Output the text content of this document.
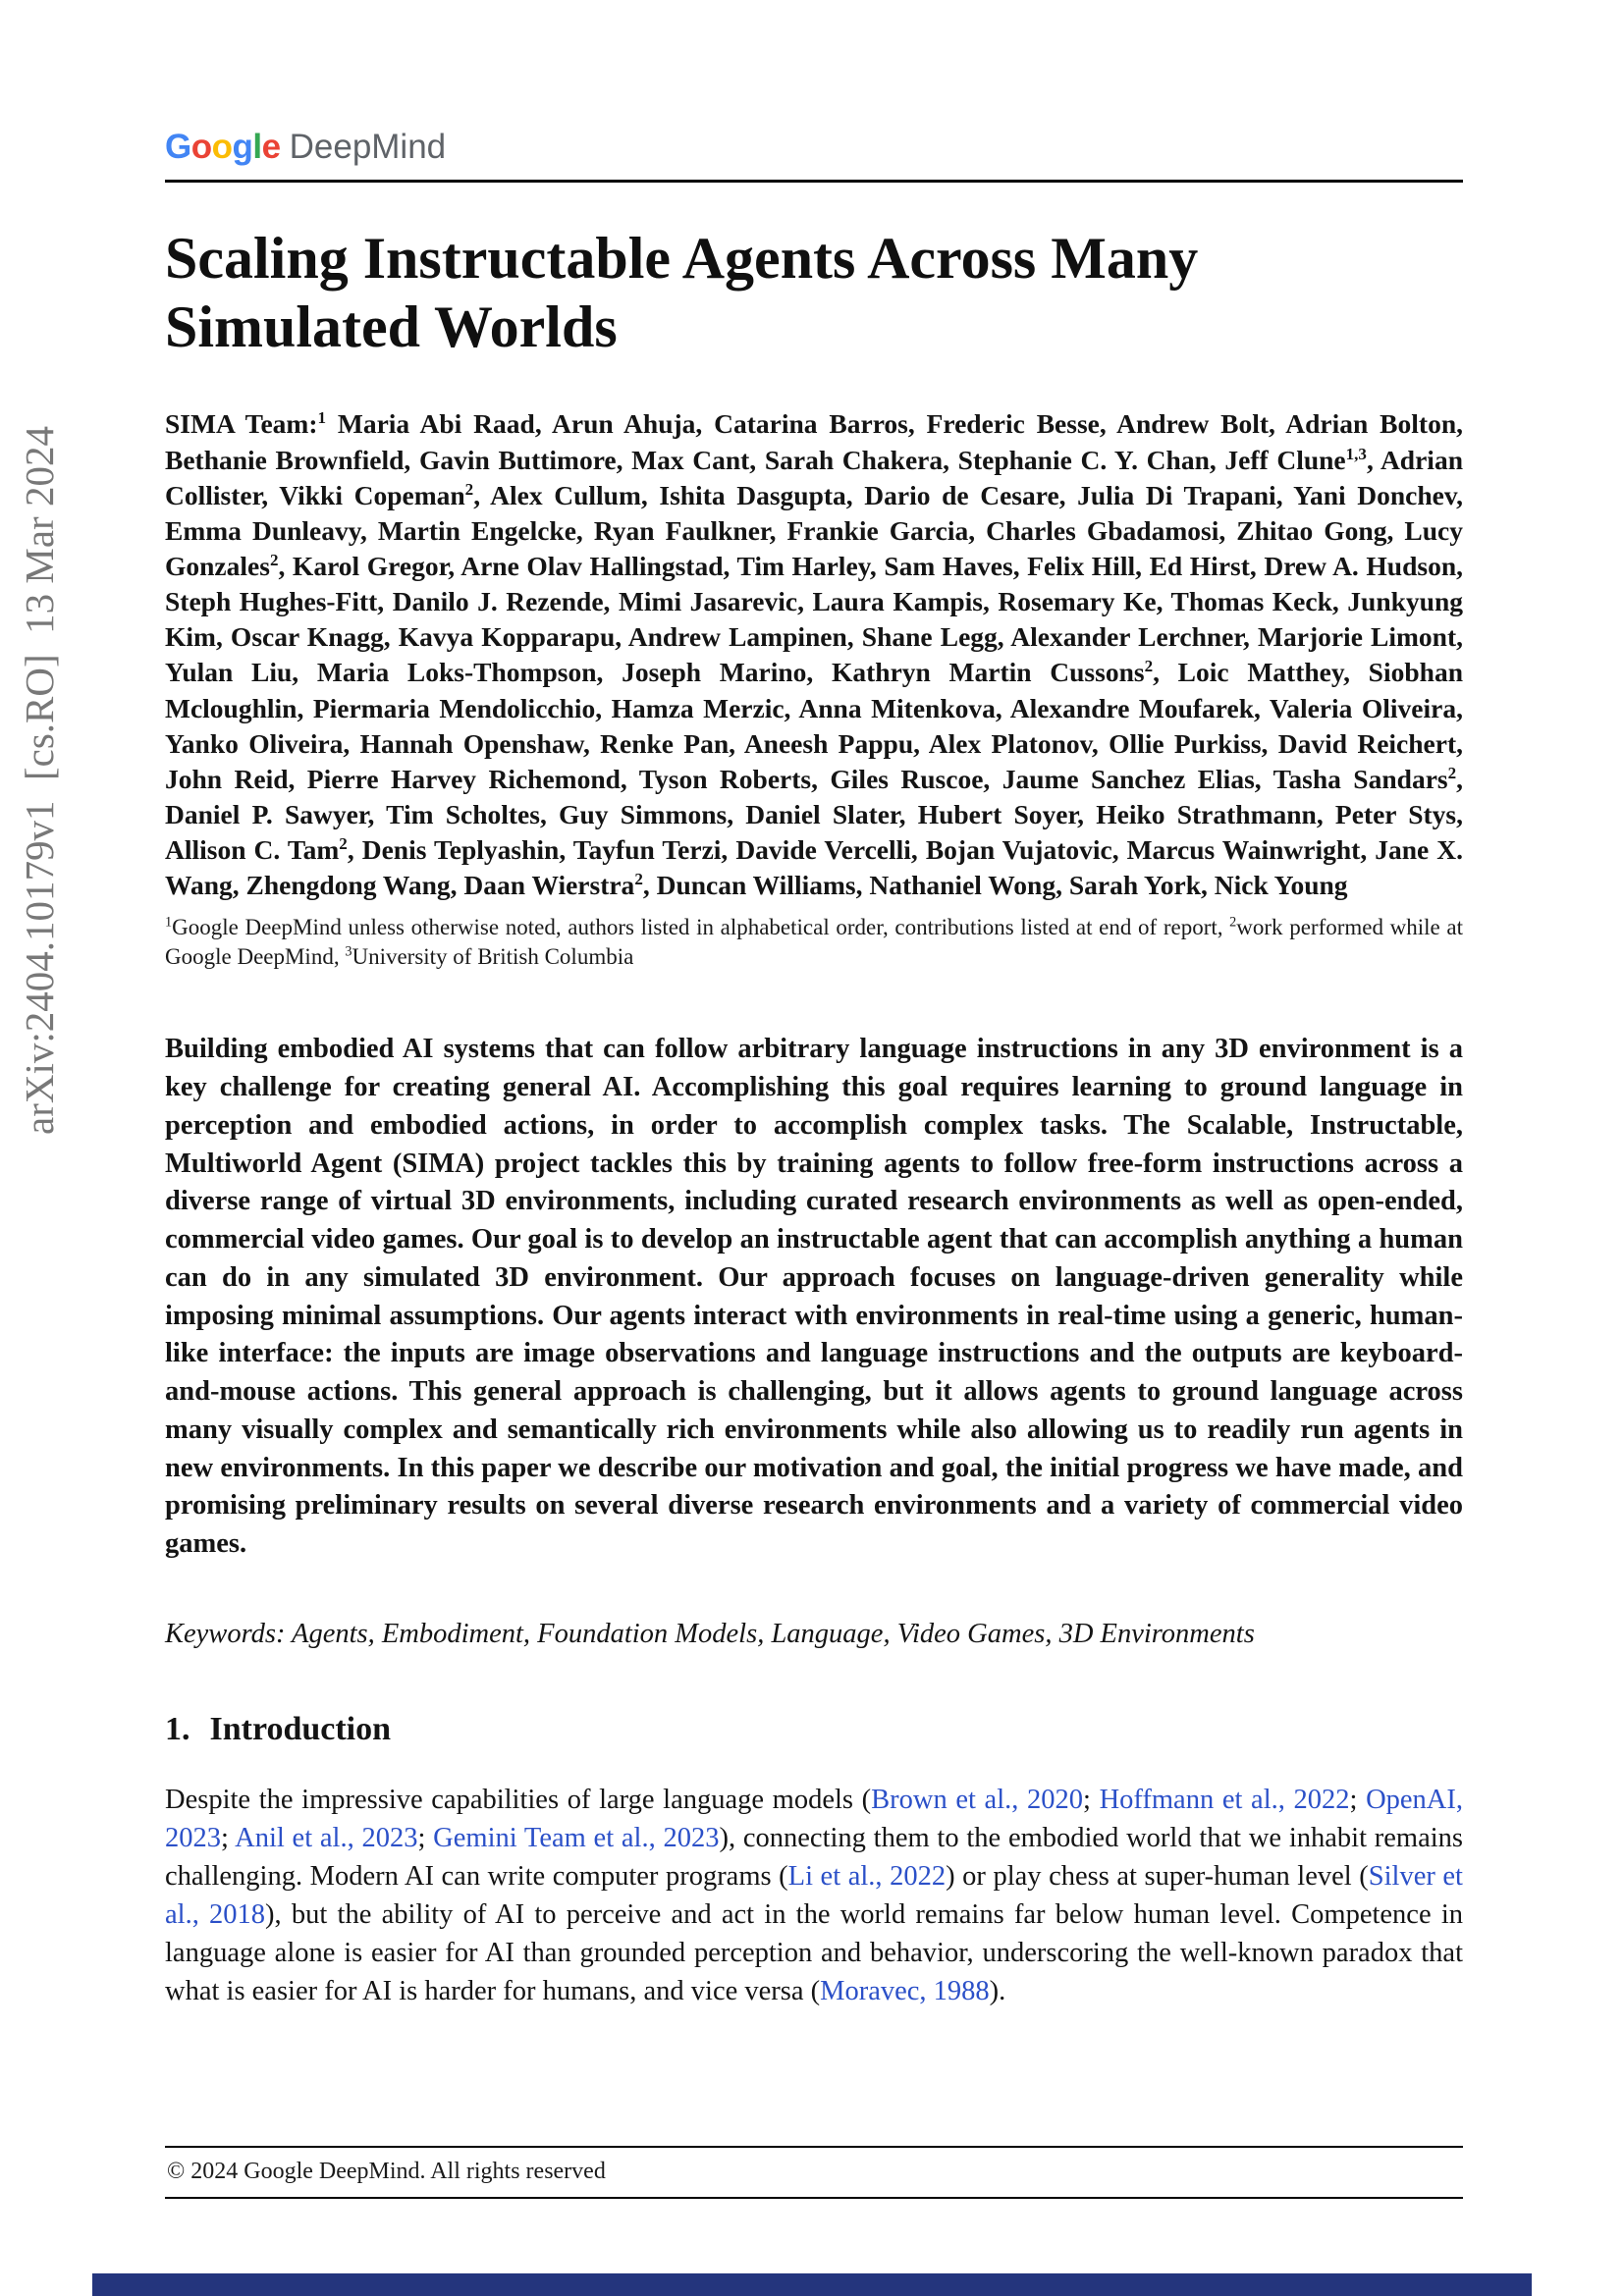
arXiv:2404.10179v1  [cs.RO]  13 Mar 2024
Google DeepMind
Scaling Instructable Agents Across Many Simulated Worlds

SIMA Team:$^1$ Maria Abi Raad, Arun Ahuja, Catarina Barros, Frederic Besse, Andrew Bolt, Adrian Bolton, Bethanie Brownfield, Gavin Buttimore, Max Cant, Sarah Chakera, Stephanie C. Y. Chan, Jeff Clune$^{1,3}$, Adrian Collister, Vikki Copeman$^2$, Alex Cullum, Ishita Dasgupta, Dario de Cesare, Julia Di Trapani, Yani Donchev, Emma Dunleavy, Martin Engelcke, Ryan Faulkner, Frankie Garcia, Charles Gbadamosi, Zhitao Gong, Lucy Gonzales$^2$, Karol Gregor, Arne Olav Hallingstad, Tim Harley, Sam Haves, Felix Hill, Ed Hirst, Drew A. Hudson, Steph Hughes-Fitt, Danilo J. Rezende, Mimi Jasarevic, Laura Kampis, Rosemary Ke, Thomas Keck, Junkyung Kim, Oscar Knagg, Kavya Kopparapu, Andrew Lampinen, Shane Legg, Alexander Lerchner, Marjorie Limont, Yulan Liu, Maria Loks-Thompson, Joseph Marino, Kathryn Martin Cussons$^2$, Loic Matthey, Siobhan Mcloughlin, Piermaria Mendolicchio, Hamza Merzic, Anna Mitenkova, Alexandre Moufarek, Valeria Oliveira, Yanko Oliveira, Hannah Openshaw, Renke Pan, Aneesh Pappu, Alex Platonov, Ollie Purkiss, David Reichert, John Reid, Pierre Harvey Richemond, Tyson Roberts, Giles Ruscoe, Jaume Sanchez Elias, Tasha Sandars$^2$, Daniel P. Sawyer, Tim Scholtes, Guy Simmons, Daniel Slater, Hubert Soyer, Heiko Strathmann, Peter Stys, Allison C. Tam$^2$, Denis Teplyashin, Tayfun Terzi, Davide Vercelli, Bojan Vujatovic, Marcus Wainwright, Jane X. Wang, Zhengdong Wang, Daan Wierstra$^2$, Duncan Williams, Nathaniel Wong, Sarah York, Nick Young

$^1$Google DeepMind unless otherwise noted, authors listed in alphabetical order, contributions listed at end of report, $^2$work performed while at Google DeepMind, $^3$University of British Columbia

Building embodied AI systems that can follow arbitrary language instructions in any 3D environment is a key challenge for creating general AI. Accomplishing this goal requires learning to ground language in perception and embodied actions, in order to accomplish complex tasks. The Scalable, Instructable, Multiworld Agent (SIMA) project tackles this by training agents to follow free-form instructions across a diverse range of virtual 3D environments, including curated research environments as well as open-ended, commercial video games. Our goal is to develop an instructable agent that can accomplish anything a human can do in any simulated 3D environment. Our approach focuses on language-driven generality while imposing minimal assumptions. Our agents interact with environments in real-time using a generic, human-like interface: the inputs are image observations and language instructions and the outputs are keyboard-and-mouse actions. This general approach is challenging, but it allows agents to ground language across many visually complex and semantically rich environments while also allowing us to readily run agents in new environments. In this paper we describe our motivation and goal, the initial progress we have made, and promising preliminary results on several diverse research environments and a variety of commercial video games.

Keywords: Agents, Embodiment, Foundation Models, Language, Video Games, 3D Environments

1. Introduction

Despite the impressive capabilities of large language models (Brown et al., 2020; Hoffmann et al., 2022; OpenAI, 2023; Anil et al., 2023; Gemini Team et al., 2023), connecting them to the embodied world that we inhabit remains challenging. Modern AI can write computer programs (Li et al., 2022) or play chess at super-human level (Silver et al., 2018), but the ability of AI to perceive and act in the world remains far below human level. Competence in language alone is easier for AI than grounded perception and behavior, underscoring the well-known paradox that what is easier for AI is harder for humans, and vice versa (Moravec, 1988).

© 2024 Google DeepMind. All rights reserved
